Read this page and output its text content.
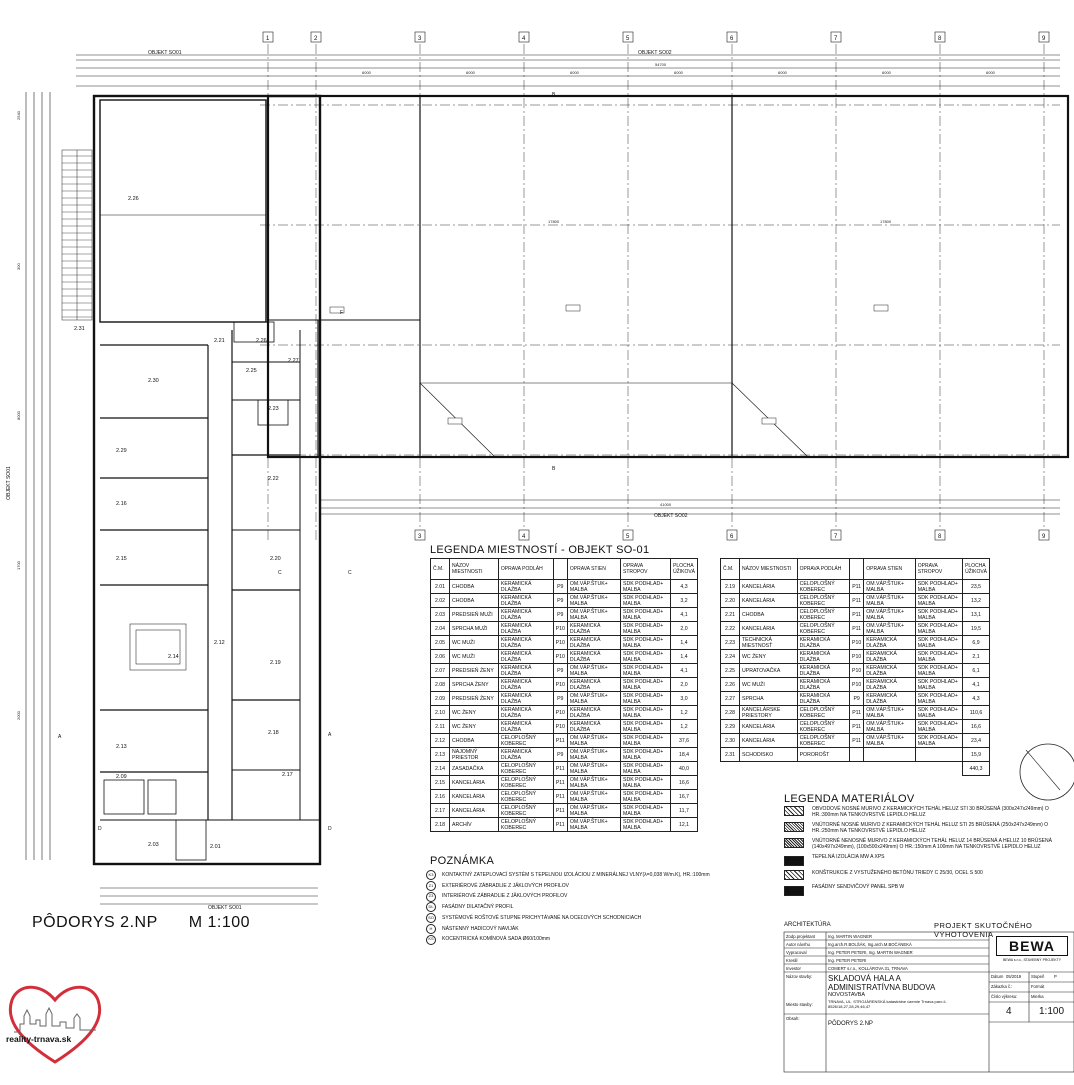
54700
41000
6000	6000	6000	6000	6000	6000	6000
17800	17800
2540
300
8000
1700
2000
1	2	3	4	5	6	7	8	9
3	4	5	6	7	8	9
2.26
2.31
2.30
2.29
2.16
2.15
2.14
2.13
2.12
2.18
2.19
2.20
2.22
2.23
2.25
2.26
2.21
2.27
2.17
2.09
2.01
2.03
A	A
B
B
C	C
D
D
F
OBJEKT SO01	OBJEKT SO02
OBJEKT SO02
OBJEKT SO01
OBJEKT SO01
PÔDORYS 2.NP M 1:100
LEGENDA MIESTNOSTÍ - OBJEKT SO-01
Č.M.	NÁZOV MIESTNOSTI	OPRAVA PODLÁH		OPRAVA STIEN	OPRAVA STROPOV	PLOCHA ÚŽIKOVÁ
2.01	CHODBA	KERAMICKÁ DLAŽBA	P9	OM.VÁP.ŠTUK+ MALBA	SDK PODHLAD+ MALBA	4,3
2.02	CHODBA	KERAMICKÁ DLAŽBA	P9	OM.VÁP.ŠTUK+ MALBA	SDK PODHLAD+ MALBA	3,2
2.03	PREDSIEŇ MUŽI	KERAMICKÁ DLAŽBA	P9	OM.VÁP.ŠTUK+ MALBA	SDK PODHLAD+ MALBA	4,1
2.04	SPRCHA MUŽI	KERAMICKÁ DLAŽBA	P10	KERAMICKÁ DLAŽBA	SDK PODHLAD+ MALBA	2,0
2.05	WC MUŽI	KERAMICKÁ DLAŽBA	P10	KERAMICKÁ DLAŽBA	SDK PODHLAD+ MALBA	1,4
2.06	WC MUŽI	KERAMICKÁ DLAŽBA	P10	KERAMICKÁ DLAŽBA	SDK PODHLAD+ MALBA	1,4
2.07	PREDSIEŇ ŽENY	KERAMICKÁ DLAŽBA	P9	OM.VÁP.ŠTUK+ MALBA	SDK PODHLAD+ MALBA	4,1
2.08	SPRCHA ŽENY	KERAMICKÁ DLAŽBA	P10	KERAMICKÁ DLAŽBA	SDK PODHLAD+ MALBA	2,0
2.09	PREDSIEŇ ŽENY	KERAMICKÁ DLAŽBA	P9	OM.VÁP.ŠTUK+ MALBA	SDK PODHLAD+ MALBA	3,0
2.10	WC ŽENY	KERAMICKÁ DLAŽBA	P10	KERAMICKÁ DLAŽBA	SDK PODHLAD+ MALBA	1,2
2.11	WC ŽENY	KERAMICKÁ DLAŽBA	P10	KERAMICKÁ DLAŽBA	SDK PODHLAD+ MALBA	1,2
2.12	CHODBA	CELOPLOŠNÝ KOBEREC	P11	OM.VÁP.ŠTUK+ MALBA	SDK PODHLAD+ MALBA	37,6
2.13	NAJOMNÝ PRIESTOR	KERAMICKÁ DLAŽBA	P9	OM.VÁP.ŠTUK+ MALBA	SDK PODHLAD+ MALBA	18,4
2.14	ZASADAČKA	CELOPLOŠNÝ KOBEREC	P11	OM.VÁP.ŠTUK+ MALBA	SDK PODHLAD+ MALBA	40,0
2.15	KANCELÁRIA	CELOPLOŠNÝ KOBEREC	P11	OM.VÁP.ŠTUK+ MALBA	SDK PODHLAD+ MALBA	16,6
2.16	KANCELÁRIA	CELOPLOŠNÝ KOBEREC	P11	OM.VÁP.ŠTUK+ MALBA	SDK PODHLAD+ MALBA	16,7
2.17	KANCELÁRIA	CELOPLOŠNÝ KOBEREC	P11	OM.VÁP.ŠTUK+ MALBA	SDK PODHLAD+ MALBA	11,7
2.18	ARCHÍV	CELOPLOŠNÝ KOBEREC	P11	OM.VÁP.ŠTUK+ MALBA	SDK PODHLAD+ MALBA	12,1
Č.M.	NÁZOV MIESTNOSTI	OPRAVA PODLÁH		OPRAVA STIEN	OPRAVA STROPOV	PLOCHA ÚŽIKOVÁ
2.19	KANCELÁRIA	CELOPLOŠNÝ KOBEREC	P11	OM.VÁP.ŠTUK+ MALBA	SDK PODHLAD+ MALBA	23,5
2.20	KANCELÁRIA	CELOPLOŠNÝ KOBEREC	P11	OM.VÁP.ŠTUK+ MALBA	SDK PODHLAD+ MALBA	13,2
2.21	CHODBA	CELOPLOŠNÝ KOBEREC	P11	OM.VÁP.ŠTUK+ MALBA	SDK PODHLAD+ MALBA	13,1
2.22	KANCELÁRIA	CELOPLOŠNÝ KOBEREC	P11	OM.VÁP.ŠTUK+ MALBA	SDK PODHLAD+ MALBA	19,5
2.23	TECHNICKÁ MIESTNOSŤ	KERAMICKÁ DLAŽBA	P10	KERAMICKÁ DLAŽBA	SDK PODHLAD+ MALBA	6,9
2.24	WC ŽENY	KERAMICKÁ DLAŽBA	P10	KERAMICKÁ DLAŽBA	SDK PODHLAD+ MALBA	2,1
2.25	UPRATOVAČKA	KERAMICKÁ DLAŽBA	P10	KERAMICKÁ DLAŽBA	SDK PODHLAD+ MALBA	6,1
2.26	WC MUŽI	KERAMICKÁ DLAŽBA	P10	KERAMICKÁ DLAŽBA	SDK PODHLAD+ MALBA	4,1
2.27	SPRCHA	KERAMICKÁ DLAŽBA	P9	KERAMICKÁ DLAŽBA	SDK PODHLAD+ MALBA	4,3
2.28	KANCELÁRSKE PRIESTORY	CELOPLOŠNÝ KOBEREC	P11	OM.VÁP.ŠTUK+ MALBA	SDK PODHLAD+ MALBA	110,6
2.29	KANCELÁRIA	CELOPLOŠNÝ KOBEREC	P11	OM.VÁP.ŠTUK+ MALBA	SDK PODHLAD+ MALBA	16,6
2.30	KANCELÁRIA	CELOPLOŠNÝ KOBEREC	P11	OM.VÁP.ŠTUK+ MALBA	SDK PODHLAD+ MALBA	23,4
2.31	SCHODISKO	POROROŠT				15,9
						440,3
POZNÁMKA
K3	KONTAKTNÝ ZATEPLOVACÍ SYSTÉM S TEPELNOU IZOLÁCIOU Z MINERÁLNEJ VLNY(λ=0,038 W/m.K), HR.:100mm
Z1	EXTERIÉROVÉ ZÁBRADLIE Z JÄKLOVÝCH PROFILOV
Z3	INTERIÉROVÉ ZÁBRADLIE Z JÄKLOVÝCH PROFILOV
DL	FASÁDNY DILATAČNÝ PROFIL
SO	SYSTÉMOVÉ ROŠTOVÉ STUPNE PRICHYTÁVANÉ NA OCEĽOVÝCH SCHODNICIACH
H	NÁSTENNÝ HADICOVÝ NAVIJÁK
KS	KOCENTRICKÁ KOMÍNOVÁ SADA Ø60/100mm
LEGENDA MATERIÁLOV
OBVODOVÉ NOSNÉ MURIVO Z KERAMICKÝCH TEHÁL HELUZ STI 30 BRÚSENÁ (300x247x249mm) O HR.:300mm NA TENKOVRSTVÉ LEPIDLO HELUZ
VNÚTORNÉ NOSNÉ MURIVO Z KERAMICKÝCH TEHÁL HELUZ STI 25 BRÚSENÁ (250x247x249mm) O HR.:250mm NA TENKOVRSTVÉ LEPIDLO HELUZ
VNÚTORNÉ NENOSNÉ MURIVO Z KERAMICKÝCH TEHÁL HELUZ 14 BRÚSENÁ A HELUZ 10 BRÚSENÁ (140x497x249mm), (100x500x249mm) O HR.:150mm A 100mm NA TENKOVRSTVÉ LEPIDLO HELUZ
TEPELNÁ IZOLÁCIA MW A XPS
KONŠTRUKCIE Z VYSTUŽENÉHO BETÓNU TRIEDY C 25/30, OCEL S 500
FASÁDNY SENDVIČOVÝ PANEL SPB W
ARCHITEKTÚRA	PROJEKT SKUTOČNÉHO VYHOTOVENIA
Zodp.projektant	Ing. MARTIN WAGNER
Autor návrhu	Ing.arch.R.BOLŠÁK, Ing.arch.M.BOČÁNEKÁ
Vypracoval	Ing. PETER PETERI, Ing. MARTIN WAGNER
Kreslil	Ing. PETER PETERI
Investor	COMERT s.r.o., KOLLÁROVA 31, TRNAVA
Názov stavby: SKLADOVÁ HALA A
ADMINISTRATÍVNA BUDOVA
NOVOSTAVBA
Miesto stavby:
TRNAVA, UL. STROJÁRENSKÁ katastrálne územie Trnava parc.č. 8526/18,27,28,29,46,47
Obsah:
PÔDORYS 2.NP
Dátum 05/2019 Stupeň P
Zákazka č.:	Formát
Číslo výkresu:	Mierka
4	1:100
BEWA
BEWA s.r.o., STAVEBNÝ PROJEKTY
reality-trnava.sk
